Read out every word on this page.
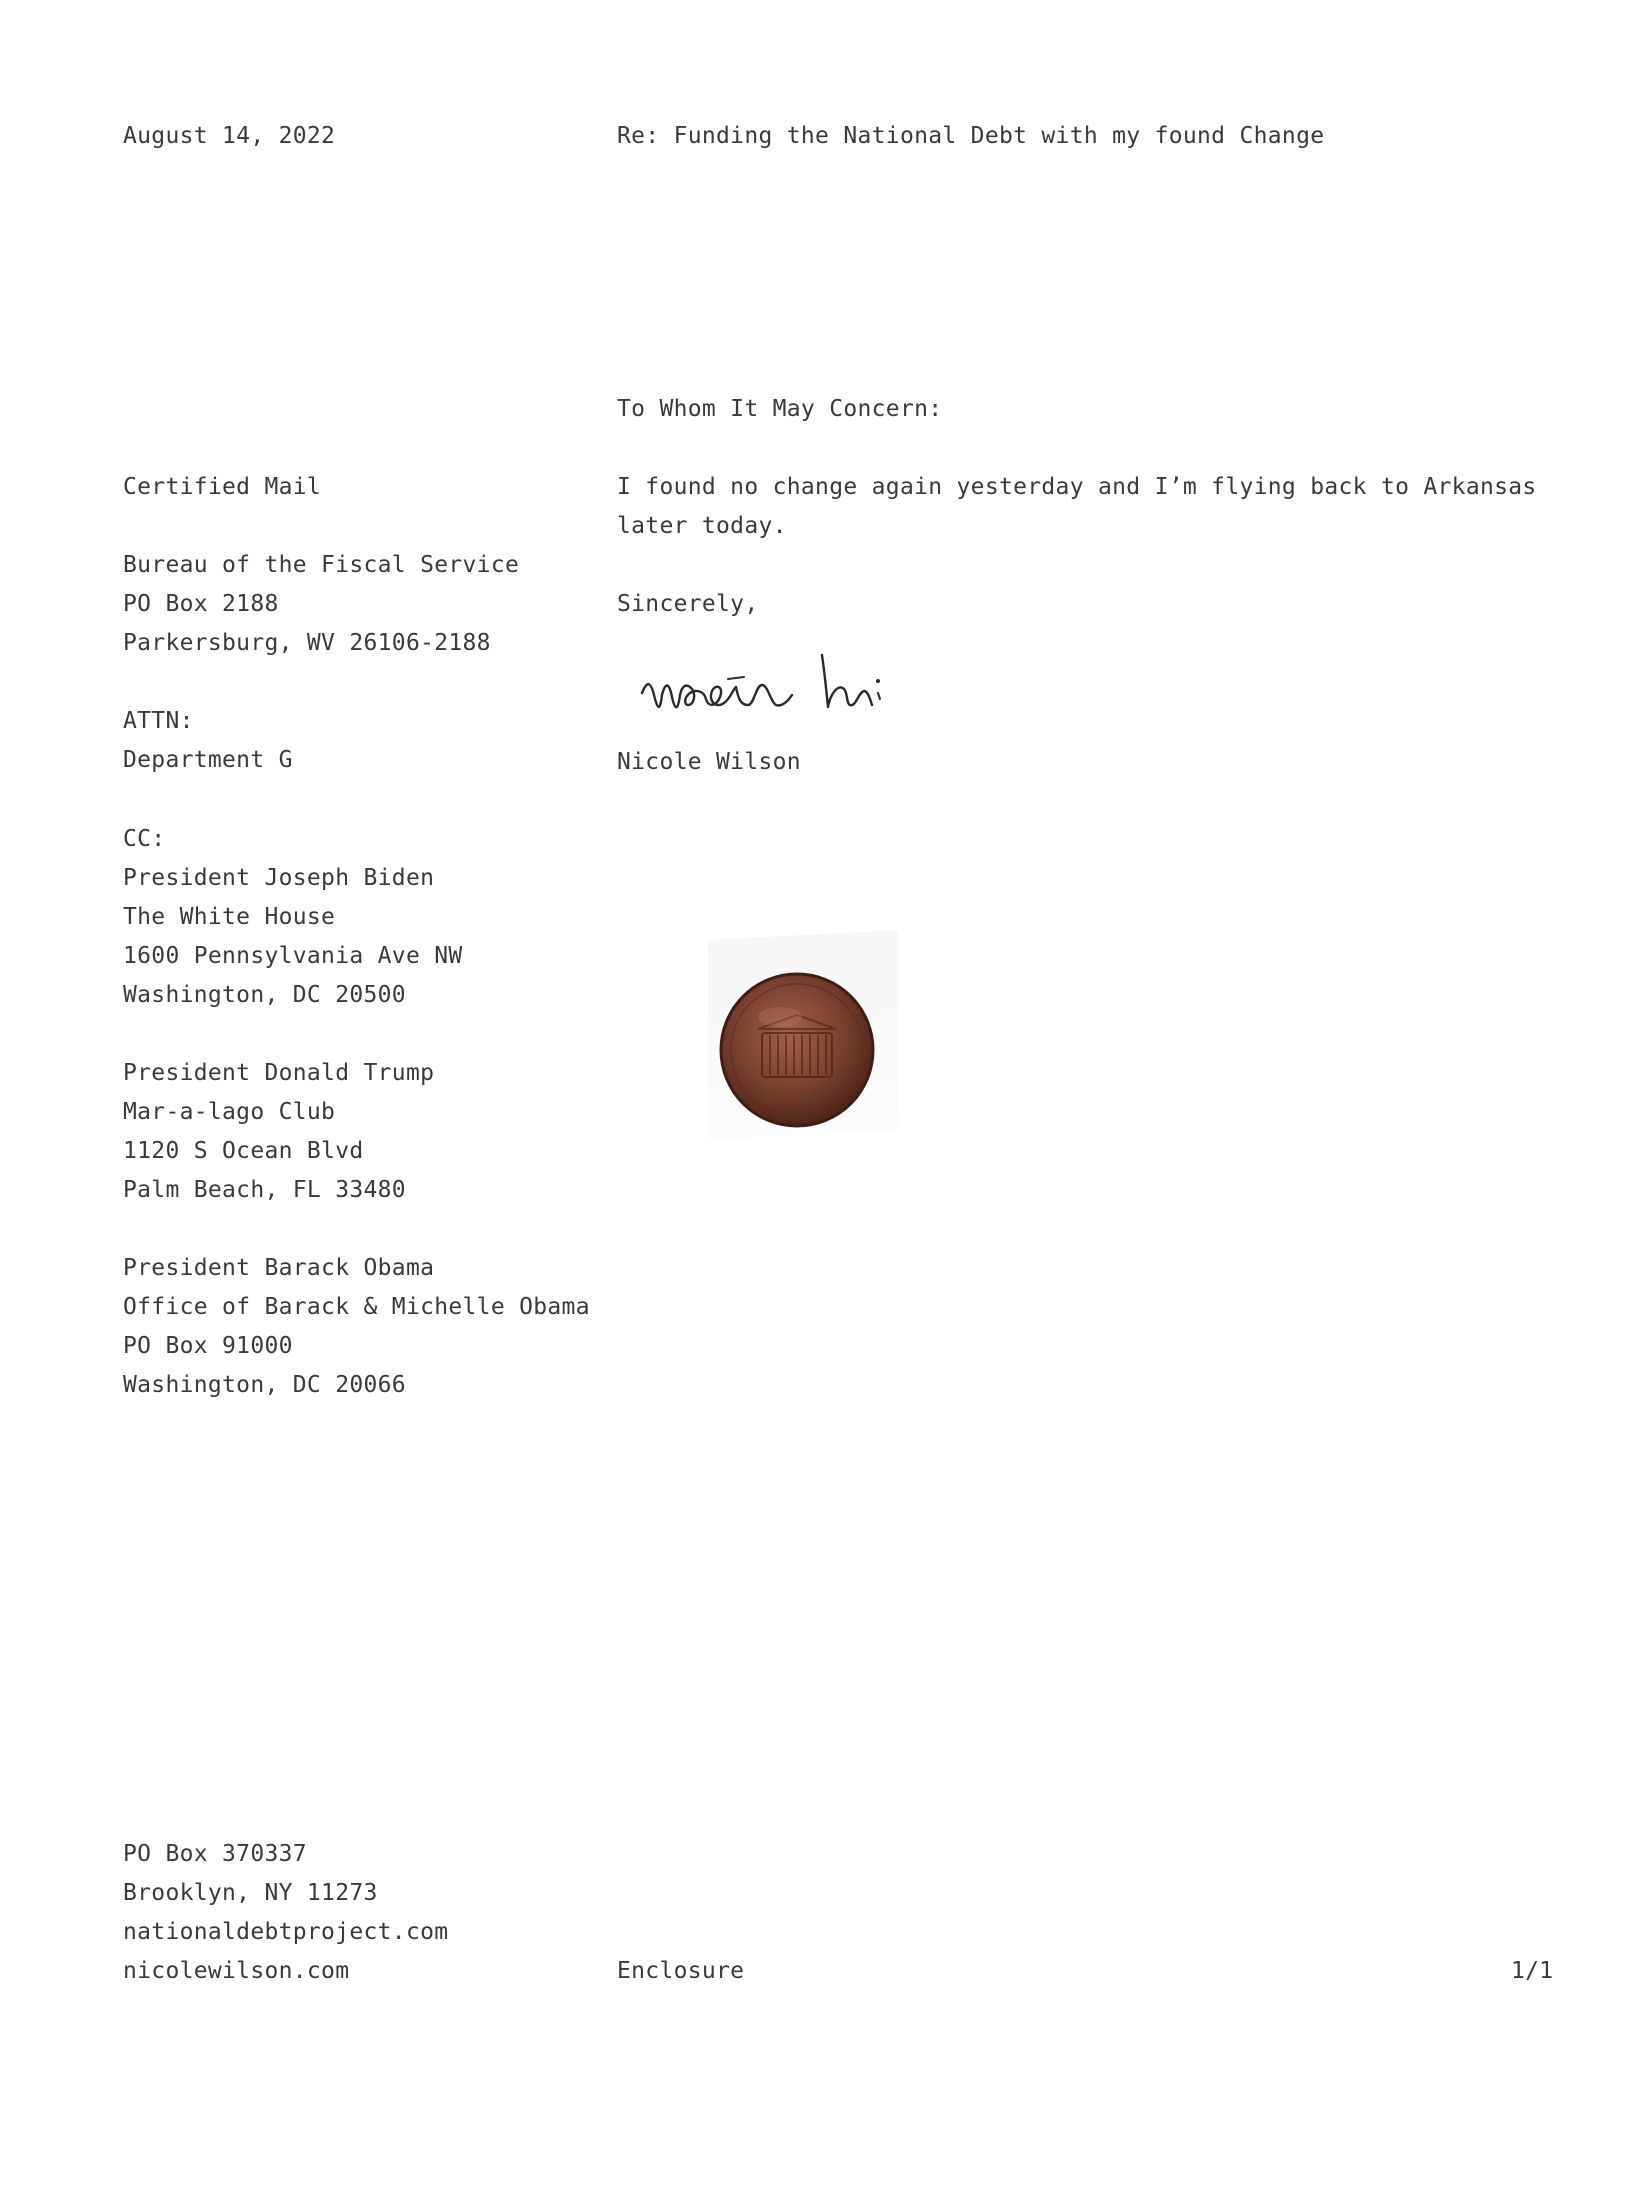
August 14, 2022	Re: Funding the National Debt with my found Change
To Whom It May Concern:
I found no change again yesterday and I’m flying back to Arkansas
later today.
Sincerely,
Nicole Wilson
Certified Mail
Bureau of the Fiscal Service
PO Box 2188
Parkersburg, WV 26106-2188
ATTN:
Department G
CC:
President Joseph Biden
The White House
1600 Pennsylvania Ave NW
Washington, DC 20500
President Donald Trump
Mar-a-lago Club
1120 S Ocean Blvd
Palm Beach, FL 33480
President Barack Obama
Office of Barack & Michelle Obama
PO Box 91000
Washington, DC 20066
PO Box 370337
Brooklyn, NY 11273
nationaldebtproject.com
nicolewilson.com	Enclosure	1/1
